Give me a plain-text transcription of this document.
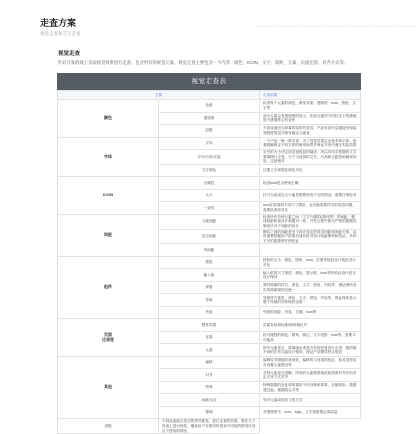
走查方案
视觉走查和交互走查
视觉走查
针对开发的线上页面视觉效果进行走查。包含所有的视觉元素。视觉走查主要包含一下内容：颜色、ICON、文字、间距、元素、页面还原、对齐方式等。
视觉走查表
主要		走查说明
颜色	色值	检查每个元素的颜色、渐变效果、透明度、icon、按钮、文字等
	透明度	部分元素会有透明度的显示，比如元素的不同状态下的透明度不透明度会有变化
	层级	不同设备因为屏幕的原因有差异，产品有设计层级接受和接受程度的层次相对稳定元素表
字体	字体	一个产品一般一种字体，为了视觉效果会出现多种字体，但要明确规定不同字体的使用场景并保证开发中遵守实际效果
	字号/行高/字距	字号的大小决定视觉表现层的阅读，所以对同点预期的文字要重调行走查，与于当前屏的文字，行高和字距影响阅读体验，注意相对
	文字颜色	注重文字深度及颜色对比
ICON	正确性	检查icon是否使用正确
	大小	针对当前设定大小偏差需要使用不当的情况，需要仔细检对
	一致性	icon在屏幕和不同尺寸情况，也可能需要样式的视觉问题，需要检查和对比
间距	元素间距	检查所有各种元素之间（文字/分隔线/按钮等）的间距，横线间距和视设计数据对一致，开发过程中最为严格的数据控制设计对于间距的设计
	页边间距	横向之间的间距是至少设计规定的视觉间距和间距关系，由时需要根据用户屏幕自适应时对设计间距保持和验证，多种不多的需要做仔细验证
	内间距	
组件	按钮	按钮的大小、颜色、圆角、icon、位置等检验设计规范进行对比
	输入框	输入框的尺寸规范、颜色、提示框、icon等的验证设计是否设计保持
	弹窗	弹对弹窗的样式，颜色、文字、按钮、内容等、保证弹所发告的弹窗保持还统一
	导航	导航样式规范，颜色、文字，按钮、内容等，保证保所显示整个导航的导体保持还统一
	列表	列表的间距、内容、分割、icon等
页面
还原度	整体效果	页面布局和标准/图形稿比对
	还原	检对流程的颜色、圆角、描边、文字投影、icon等，需要尽可能高
	元素	细节元素是否、屏幕画出来是否在按回是进行走查，数的图不到的在有元素设计保持，保证产品整体符合规范
其他	偏移	偏移检对图板的表现处，偏移的与回看的验证，检对没有检对设置元素情况等
	对齐	各种元素是否清晰，所有的元素要都规范和按照对齐后的多定对齐方式对齐
	特殊	特殊数据的验证和屏幕的不同分辨率屏幕，在横屏形，数据超过溢、极端组合式等
	动画/反应	验对元素或的动力的方式
	强调	对强调的中，icon、logo，文字需要保证高质量
适配	不同设备能否是否统界导要表，进行走查的时候，要在几个设备上进行检验，避免用户在使用时看到不同检的情况应适应下使用的情况	
